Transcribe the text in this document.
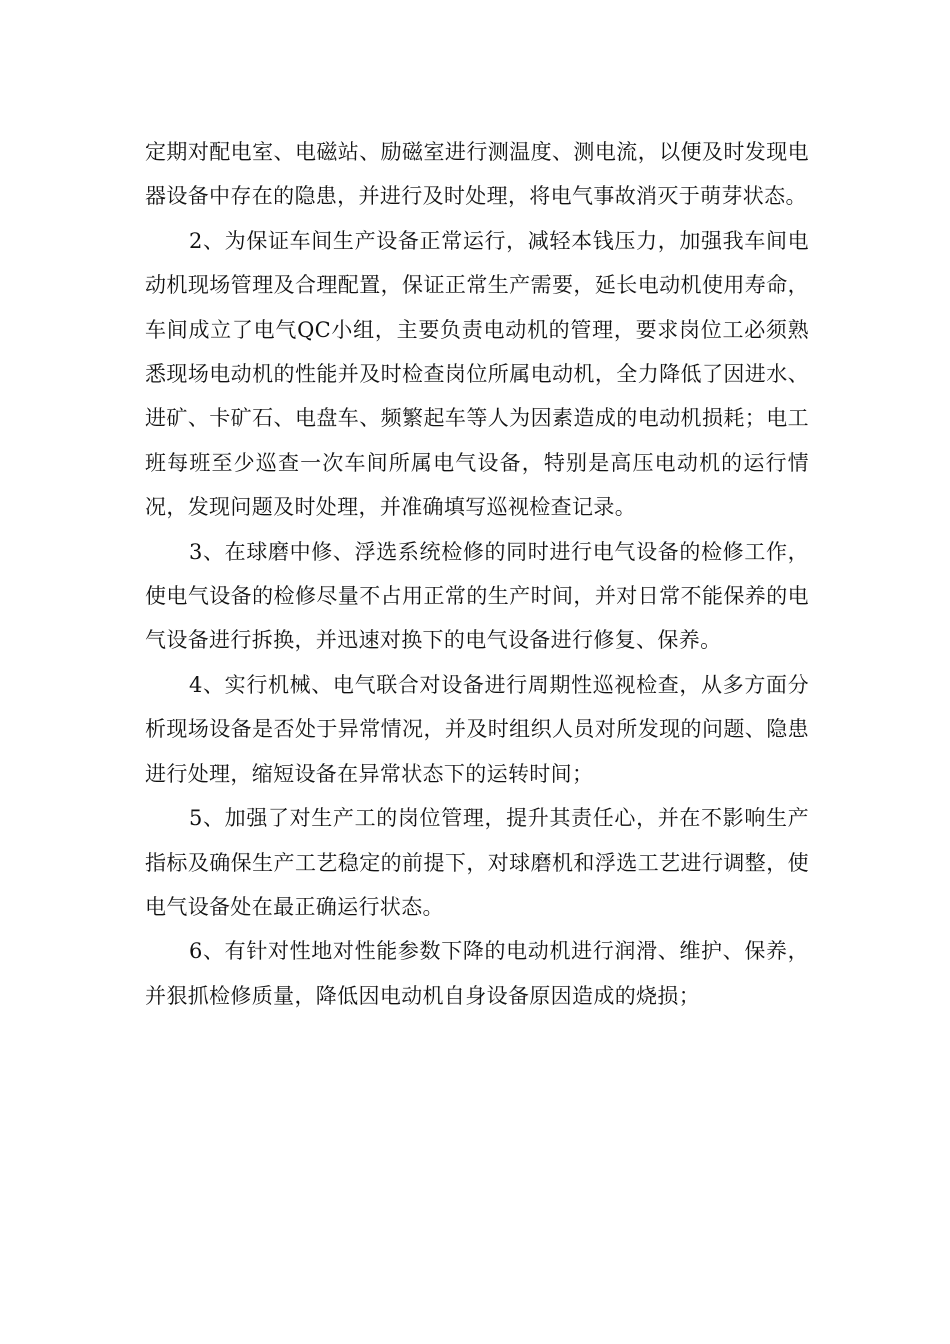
定期对配电室、电磁站、励磁室进行测温度、测电流，以便及时发现电器设备中存在的隐患，并进行及时处理，将电气事故消灭于萌芽状态。

2、为保证车间生产设备正常运行，减轻本钱压力，加强我车间电动机现场管理及合理配置，保证正常生产需要，延长电动机使用寿命，车间成立了电气QC小组，主要负责电动机的管理，要求岗位工必须熟悉现场电动机的性能并及时检查岗位所属电动机，全力降低了因进水、进矿、卡矿石、电盘车、频繁起车等人为因素造成的电动机损耗；电工班每班至少巡查一次车间所属电气设备，特别是高压电动机的运行情况，发现问题及时处理，并准确填写巡视检查记录。

3、在球磨中修、浮选系统检修的同时进行电气设备的检修工作，使电气设备的检修尽量不占用正常的生产时间，并对日常不能保养的电气设备进行拆换，并迅速对换下的电气设备进行修复、保养。

4、实行机械、电气联合对设备进行周期性巡视检查，从多方面分析现场设备是否处于异常情况，并及时组织人员对所发现的问题、隐患进行处理，缩短设备在异常状态下的运转时间；

5、加强了对生产工的岗位管理，提升其责任心，并在不影响生产指标及确保生产工艺稳定的前提下，对球磨机和浮选工艺进行调整，使电气设备处在最正确运行状态。

6、有针对性地对性能参数下降的电动机进行润滑、维护、保养，并狠抓检修质量，降低因电动机自身设备原因造成的烧损；
